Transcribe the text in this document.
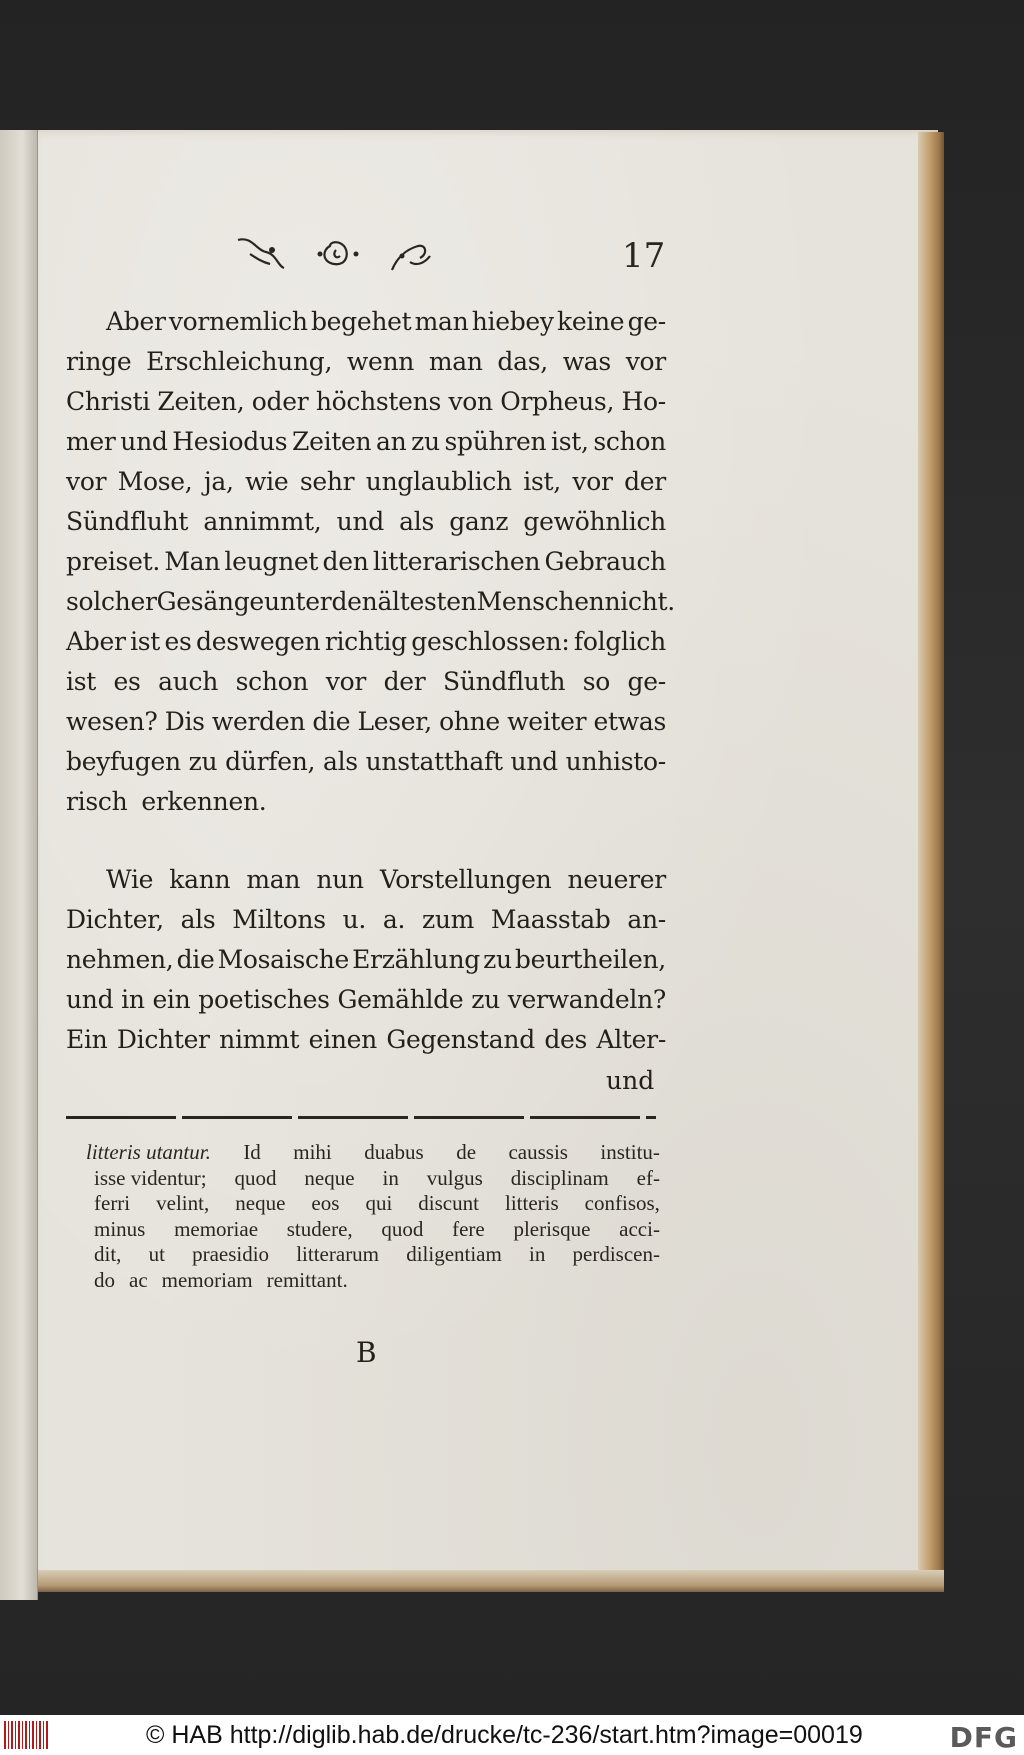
17
Aber vornemlich begehet man hiebey keine ge-
ringe Erschleichung, wenn man das, was vor
Christi Zeiten, oder höchstens von Orpheus, Ho-
mer und Hesiodus Zeiten an zu spühren ist, schon
vor Mose, ja, wie sehr unglaublich ist, vor der
Sündfluht annimmt, und als ganz gewöhnlich
preiset. Man leugnet den litterarischen Gebrauch
solcher Gesänge unter den ältesten Menschen nicht.
Aber ist es deswegen richtig geschlossen: folglich
ist es auch schon vor der Sündfluth so ge-
wesen? Dis werden die Leser, ohne weiter etwas
beyfugen zu dürfen, als unstatthaft und unhisto-
risch erkennen.
Wie kann man nun Vorstellungen neuerer
Dichter, als Miltons u. a. zum Maasstab an-
nehmen, die Mosaische Erzählung zu beurtheilen,
und in ein poetisches Gemählde zu verwandeln?
Ein Dichter nimmt einen Gegenstand des Alter-
und
litteris utantur. Id mihi duabus de caussis institu-
isse videntur; quod neque in vulgus disciplinam ef-
ferri velint, neque eos qui discunt litteris confisos,
minus memoriae studere, quod fere plerisque acci-
dit, ut praesidio litterarum diligentiam in perdiscen-
do ac memoriam remittant.
B
© HAB http://diglib.hab.de/drucke/tc-236/start.htm?image=00019	DFG
